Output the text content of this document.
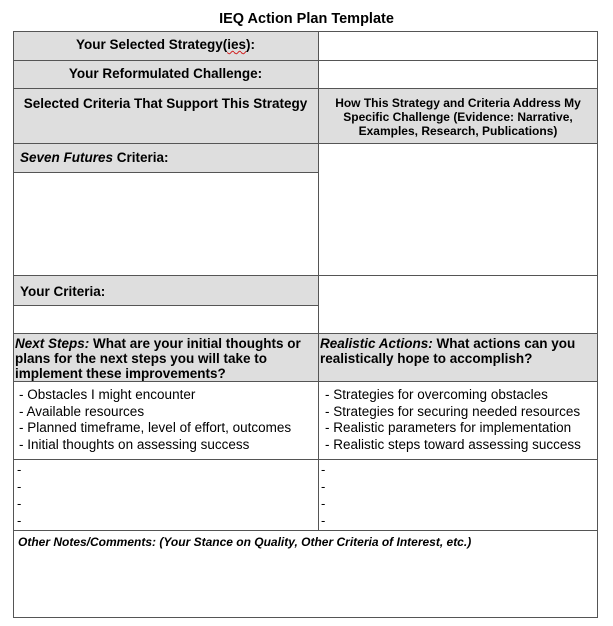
IEQ Action Plan Template
Your Selected Strategy(ies):
Your Reformulated Challenge:
Selected Criteria That Support This Strategy	How This Strategy and Criteria Address My Specific Challenge (Evidence: Narrative, Examples, Research, Publications)
Seven Futures Criteria:
Your Criteria:
Next Steps: What are your initial thoughts or plans for the next steps you will take to implement these improvements?
Realistic Actions: What actions can you realistically hope to accomplish?
- Obstacles I might encounter
- Available resources
- Planned timeframe, level of effort, outcomes
- Initial thoughts on assessing success
- Strategies for overcoming obstacles
- Strategies for securing needed resources
- Realistic parameters for implementation
- Realistic steps toward assessing success
-
-
-
-
-
-
-
-
Other Notes/Comments: (Your Stance on Quality, Other Criteria of Interest, etc.)
